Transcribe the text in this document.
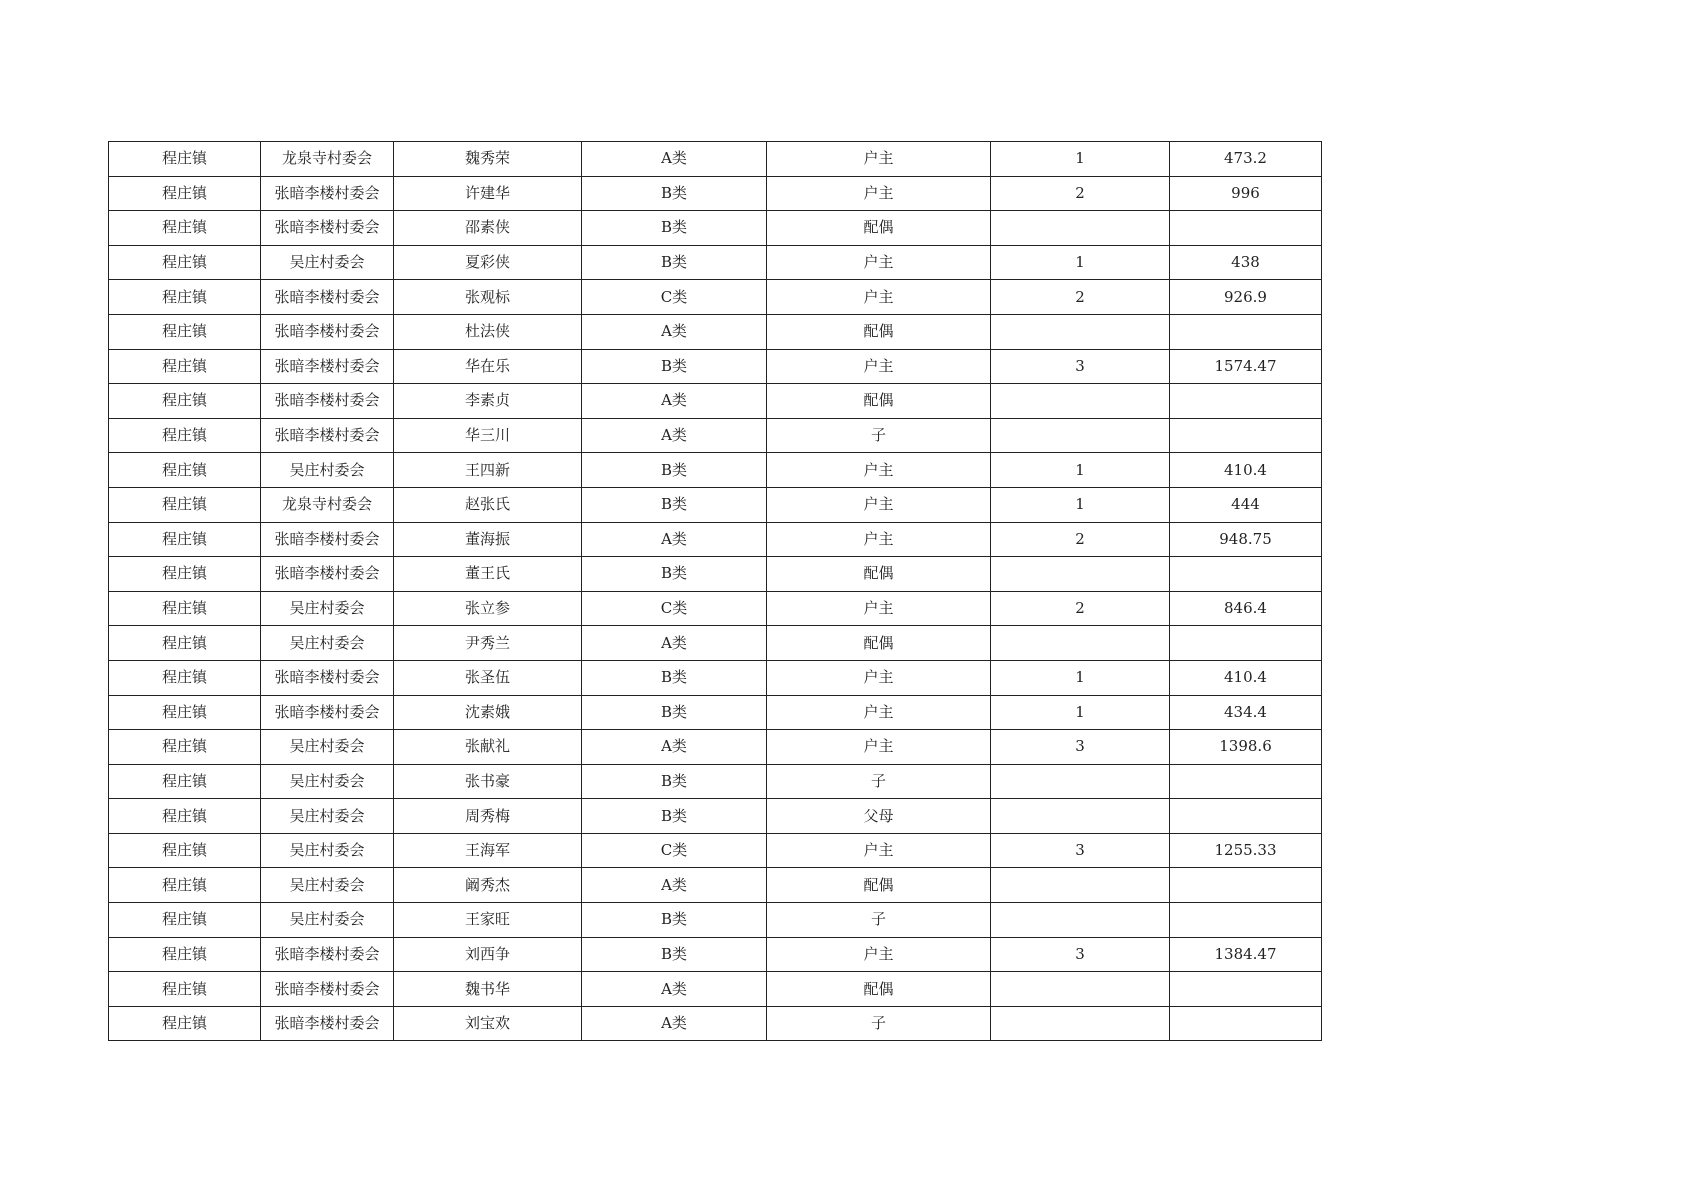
程庄镇	龙泉寺村委会	魏秀荣	A类	户主	1	473.2
程庄镇	张暗李楼村委会	许建华	B类	户主	2	996
程庄镇	张暗李楼村委会	邵素侠	B类	配偶		
程庄镇	吴庄村委会	夏彩侠	B类	户主	1	438
程庄镇	张暗李楼村委会	张观标	C类	户主	2	926.9
程庄镇	张暗李楼村委会	杜法侠	A类	配偶		
程庄镇	张暗李楼村委会	华在乐	B类	户主	3	1574.47
程庄镇	张暗李楼村委会	李素贞	A类	配偶		
程庄镇	张暗李楼村委会	华三川	A类	子		
程庄镇	吴庄村委会	王四新	B类	户主	1	410.4
程庄镇	龙泉寺村委会	赵张氏	B类	户主	1	444
程庄镇	张暗李楼村委会	董海振	A类	户主	2	948.75
程庄镇	张暗李楼村委会	董王氏	B类	配偶		
程庄镇	吴庄村委会	张立参	C类	户主	2	846.4
程庄镇	吴庄村委会	尹秀兰	A类	配偶		
程庄镇	张暗李楼村委会	张圣伍	B类	户主	1	410.4
程庄镇	张暗李楼村委会	沈素娥	B类	户主	1	434.4
程庄镇	吴庄村委会	张献礼	A类	户主	3	1398.6
程庄镇	吴庄村委会	张书豪	B类	子		
程庄镇	吴庄村委会	周秀梅	B类	父母		
程庄镇	吴庄村委会	王海军	C类	户主	3	1255.33
程庄镇	吴庄村委会	阚秀杰	A类	配偶		
程庄镇	吴庄村委会	王家旺	B类	子		
程庄镇	张暗李楼村委会	刘西争	B类	户主	3	1384.47
程庄镇	张暗李楼村委会	魏书华	A类	配偶		
程庄镇	张暗李楼村委会	刘宝欢	A类	子		
